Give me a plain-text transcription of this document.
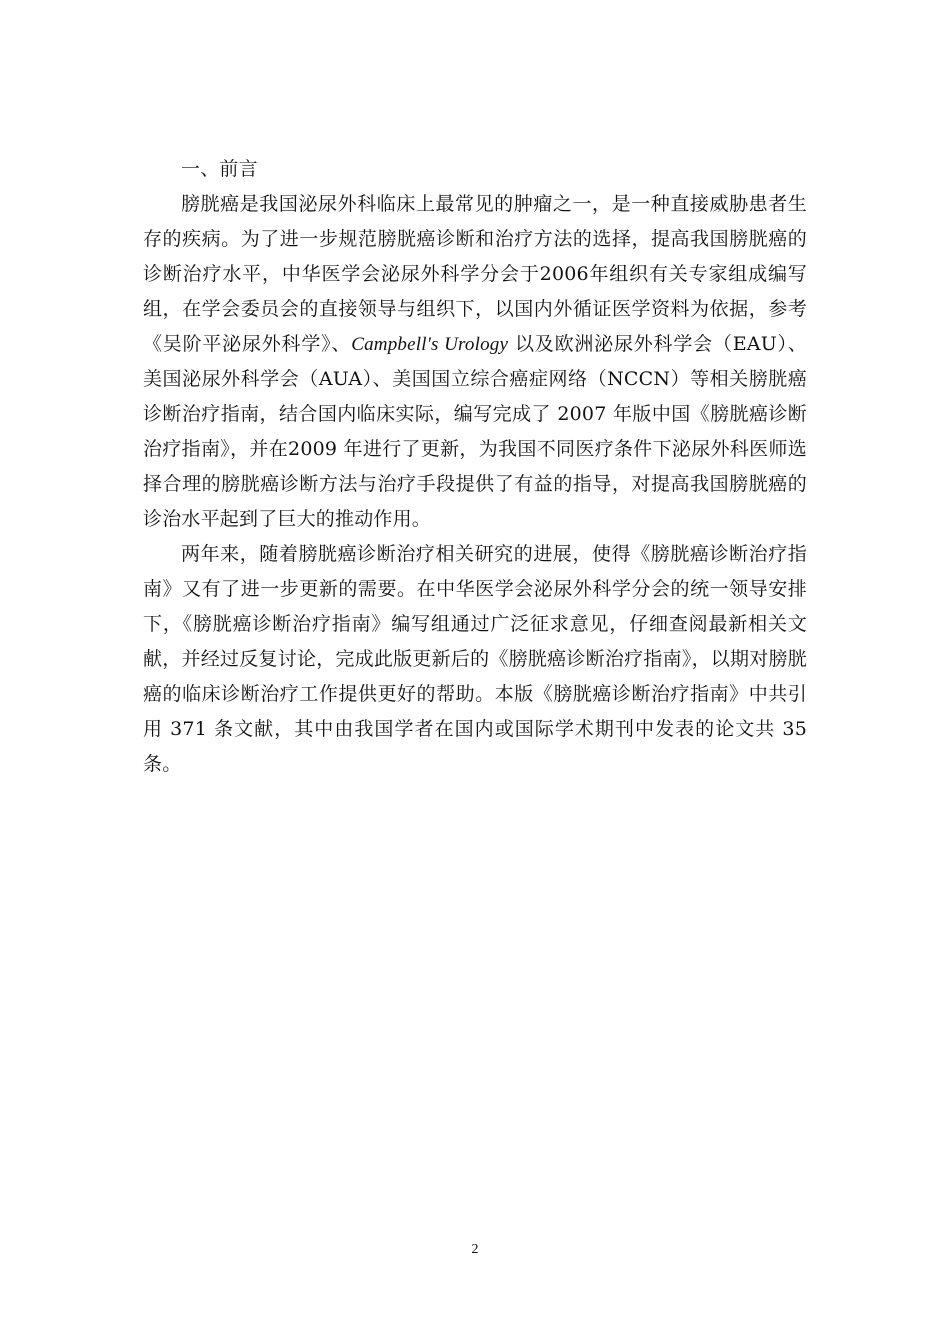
一、前言

膀胱癌是我国泌尿外科临床上最常见的肿瘤之一，是一种直接威胁患者生存的疾病。为了进一步规范膀胱癌诊断和治疗方法的选择，提高我国膀胱癌的诊断治疗水平，中华医学会泌尿外科学分会于2006年组织有关专家组成编写组，在学会委员会的直接领导与组织下，以国内外循证医学资料为依据，参考《吴阶平泌尿外科学》、Campbell's Urology 以及欧洲泌尿外科学会（EAU）、美国泌尿外科学会（AUA）、美国国立综合癌症网络（NCCN）等相关膀胱癌诊断治疗指南，结合国内临床实际，编写完成了 2007 年版中国《膀胱癌诊断治疗指南》，并在2009 年进行了更新，为我国不同医疗条件下泌尿外科医师选择合理的膀胱癌诊断方法与治疗手段提供了有益的指导，对提高我国膀胱癌的诊治水平起到了巨大的推动作用。

两年来，随着膀胱癌诊断治疗相关研究的进展，使得《膀胱癌诊断治疗指南》又有了进一步更新的需要。在中华医学会泌尿外科学分会的统一领导安排下，《膀胱癌诊断治疗指南》编写组通过广泛征求意见，仔细查阅最新相关文献，并经过反复讨论，完成此版更新后的《膀胱癌诊断治疗指南》，以期对膀胱癌的临床诊断治疗工作提供更好的帮助。本版《膀胱癌诊断治疗指南》中共引用 371 条文献，其中由我国学者在国内或国际学术期刊中发表的论文共 35 条。

2
